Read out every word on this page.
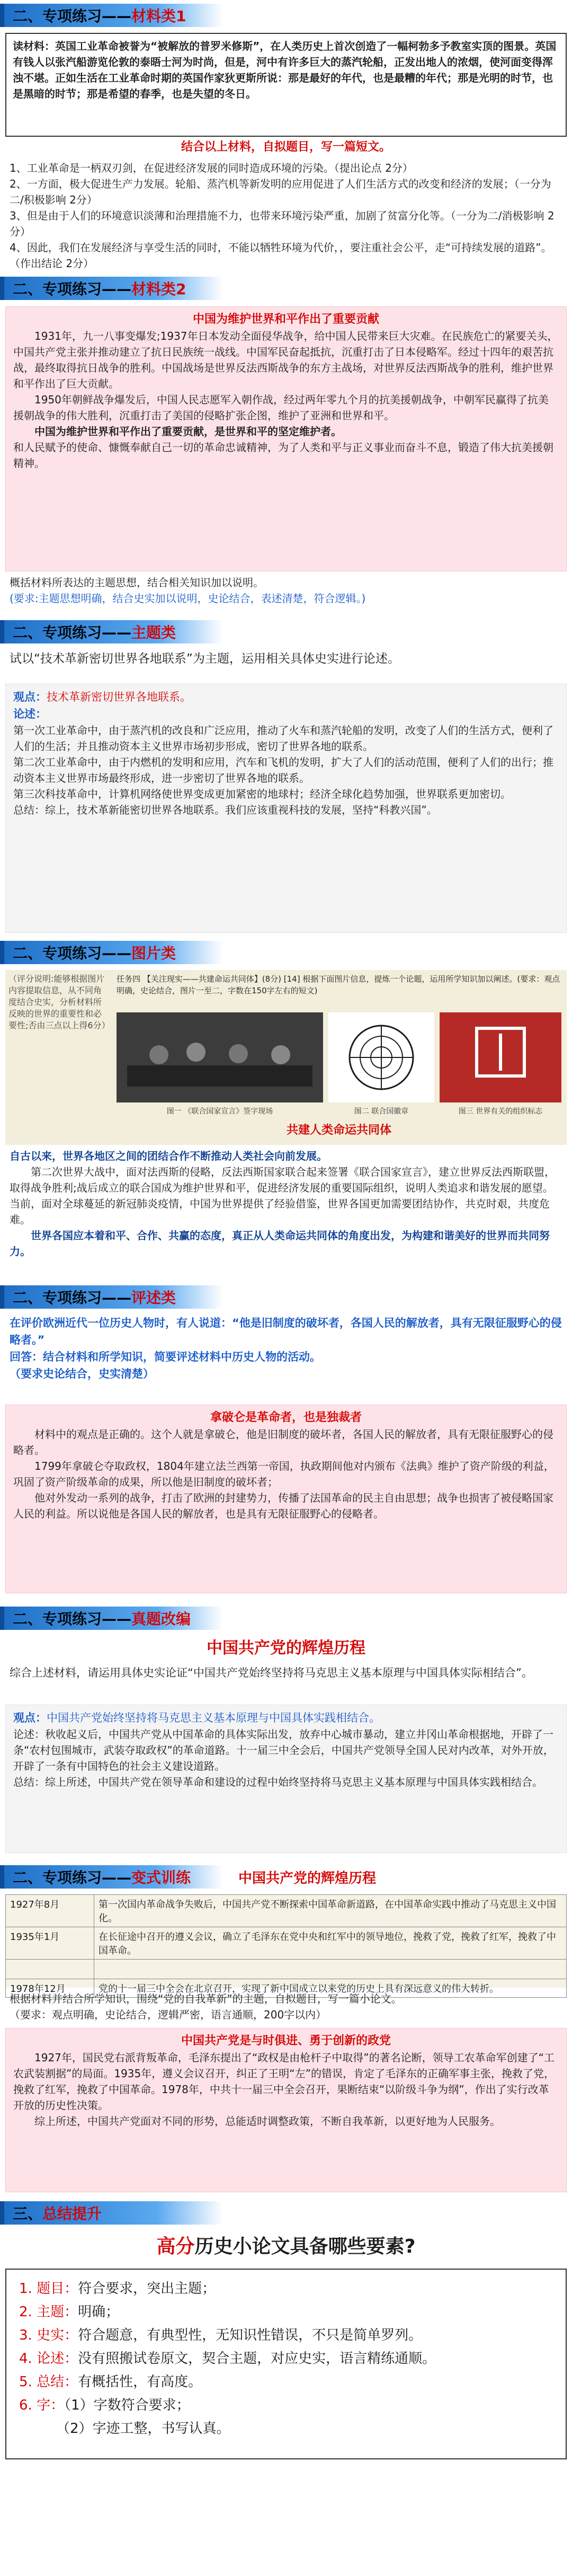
二、专项练习—— 材料类1

读材料：英国工业革命被誉为“被解放的普罗米修斯”，在人类历史上首次创造了一幅柯勃多予教室实顶的图景。英国有钱人以张汽船游览伦敦的泰晤士河为时尚，但是，河中有许多巨大的蒸汽轮船，正发出地人的浓烟，使河面变得浑浊不堪。正如生活在工业革命时期的英国作家狄更斯所说：那是最好的年代，也是最糟的年代；那是光明的时节，也是黑暗的时节；那是希望的春季，也是失望的冬日。

结合以上材料，自拟题目，写一篇短文。

1、工业革命是一柄双刃剑，在促进经济发展的同时造成环境的污染。（提出论点 2分）

2、一方面，极大促进生产力发展。轮船、蒸汽机等新发明的应用促进了人们生活方式的改变和经济的发展；（一分为二/积极影响 2分）

3、但是由于人们的环境意识淡薄和治理措施不力，也带来环境污染严重，加剧了贫富分化等。（一分为二/消极影响 2分）

4、因此，我们在发展经济与享受生活的同时，不能以牺牲环境为代价，，要注重社会公平，走“可持续发展的道路”。（作出结论 2分）

二、专项练习—— 材料类2

中国为维护世界和平作出了重要贡献

1931年，九一八事变爆发;1937年日本发动全面侵华战争，给中国人民带来巨大灾难。在民族危亡的紧要关头，中国共产党主张并推动建立了抗日民族统一战线。中国军民奋起抵抗，沉重打击了日本侵略军。经过十四年的艰苦抗战，最终取得抗日战争的胜利。中国战场是世界反法西斯战争的东方主战场，对世界反法西斯战争的胜利，维护世界和平作出了巨大贡献。

1950年朝鲜战争爆发后，中国人民志愿军入朝作战，经过两年零九个月的抗美援朝战争，中朝军民赢得了抗美援朝战争的伟大胜利，沉重打击了美国的侵略扩张企图，维护了亚洲和世界和平。

中国为维护世界和平作出了重要贡献，是世界和平的坚定维护者。

和人民赋予的使命、慷慨奉献自己一切的革命忠诚精神，为了人类和平与正义事业而奋斗不息，锻造了伟大抗美援朝精神。

概括材料所表达的主题思想，结合相关知识加以说明。

(要求:主题思想明确，结合史实加以说明，史论结合，表述清楚，符合逻辑。)

二、专项练习—— 主题类

试以“技术革新密切世界各地联系”为主题，运用相关具体史实进行论述。

观点：技术革新密切世界各地联系。

论述：

第一次工业革命中，由于蒸汽机的改良和广泛应用，推动了火车和蒸汽轮船的发明，改变了人们的生活方式，便利了人们的生活；并且推动资本主义世界市场初步形成，密切了世界各地的联系。

第二次工业革命中，由于内燃机的发明和应用，汽车和飞机的发明，扩大了人们的活动范围，便利了人们的出行；推动资本主义世界市场最终形成，进一步密切了世界各地的联系。

第三次科技革命中，计算机网络使世界变成更加紧密的地球村；经济全球化趋势加强，世界联系更加密切。

总结：综上，技术革新能密切世界各地联系。我们应该重视科技的发展，坚持“科教兴国”。

二、专项练习—— 图片类
（评分说明:能够根据图片内容提取信息，从不同角度结合史实，分析材料所反映的世界的重要性和必要性;否由三点以上得6分）
任务四 【关注现实——共建命运共同体】(8分) [14] 根据下面图片信息，提炼一个论题，运用所学知识加以阐述。(要求：观点明确，史论结合，图片一至二，字数在150字左右的短文)
图一 《联合国家宣言》签字现场	图二 联合国徽章	图三 世界有关的组织标志
共建人类命运共同体

自古以来，世界各地区之间的团结合作不断推动人类社会向前发展。

第二次世界大战中，面对法西斯的侵略，反法西斯国家联合起来签署《联合国家宣言》，建立世界反法西斯联盟，取得战争胜利;战后成立的联合国成为维护世界和平，促进经济发展的重要国际组织，说明人类追求和谐发展的愿望。当前，面对全球蔓延的新冠肺炎疫情，中国为世界提供了经验借鉴，世界各国更加需要团结协作，共克时艰，共度危难。

世界各国应本着和平、合作、共赢的态度，真正从人类命运共同体的角度出发，为构建和谐美好的世界而共同努力。

二、专项练习—— 评述类

在评价欧洲近代一位历史人物时，有人说道：“他是旧制度的破坏者，各国人民的解放者，具有无限征服野心的侵略者。”

回答：结合材料和所学知识，简要评述材料中历史人物的活动。

（要求史论结合，史实清楚）

拿破仑是革命者，也是独裁者

材料中的观点是正确的。这个人就是拿破仑，他是旧制度的破坏者，各国人民的解放者，具有无限征服野心的侵略者。

1799年拿破仑夺取政权，1804年建立法兰西第一帝国，执政期间他对内颁布《法典》维护了资产阶级的利益，巩固了资产阶级革命的成果，所以他是旧制度的破坏者；

他对外发动一系列的战争，打击了欧洲的封建势力，传播了法国革命的民主自由思想；战争也损害了被侵略国家人民的利益。所以说他是各国人民的解放者，也是具有无限征服野心的侵略者。

二、专项练习—— 真题改编

中国共产党的辉煌历程

综合上述材料，请运用具体史实论证“中国共产党始终坚持将马克思主义基本原理与中国具体实际相结合”。

观点：中国共产党始终坚持将马克思主义基本原理与中国具体实践相结合。

论述：秋收起义后，中国共产党从中国革命的具体实际出发，放弃中心城市暴动，建立井冈山革命根据地，开辟了一条“农村包围城市，武装夺取政权”的革命道路。十一届三中全会后，中国共产党领导全国人民对内改革，对外开放，开辟了一条有中国特色的社会主义建设道路。

总结：综上所述，中国共产党在领导革命和建设的过程中始终坚持将马克思主义基本原理与中国具体实践相结合。

二、专项练习—— 变式训练	中国共产党的辉煌历程
1927年8月	第一次国内革命战争失败后，中国共产党不断探索中国革命新道路，在中国革命实践中推动了马克思主义中国化。
1935年1月	在长征途中召开的遵义会议，确立了毛泽东在党中央和红军中的领导地位，挽救了党，挽救了红军，挽救了中国革命。

1978年12月	党的十一届三中全会在北京召开，实现了新中国成立以来党的历史上具有深远意义的伟大转折。

根据材料并结合所学知识，围绕“党的自我革新”的主题，自拟题目，写一篇小论文。

（要求：观点明确，史论结合，逻辑严密，语言通顺，200字以内）

中国共产党是与时俱进、勇于创新的政党

1927年，国民党右派背叛革命，毛泽东提出了“政权是由枪杆子中取得”的著名论断，领导工农革命军创建了“工农武装割据”的局面。1935年，遵义会议召开，纠正了王明“左”的错误，肯定了毛泽东的正确军事主张，挽救了党，挽救了红军，挽救了中国革命。1978年，中共十一届三中全会召开，果断结束“以阶级斗争为纲”，作出了实行改革开放的历史性决策。

综上所述，中国共产党面对不同的形势，总能适时调整政策，不断自我革新，以更好地为人民服务。

三、 总结提升

高分历史小论文具备哪些要素?

1. 题目：符合要求，突出主题；

2. 主题：明确；

3. 史实：符合题意，有典型性，无知识性错误，不只是简单罗列。

4. 论述：没有照搬试卷原文，契合主题，对应史实，语言精练通顺。

5. 总结：有概括性，有高度。

6. 字：（1）字数符合要求；

（2）字迹工整，书写认真。
